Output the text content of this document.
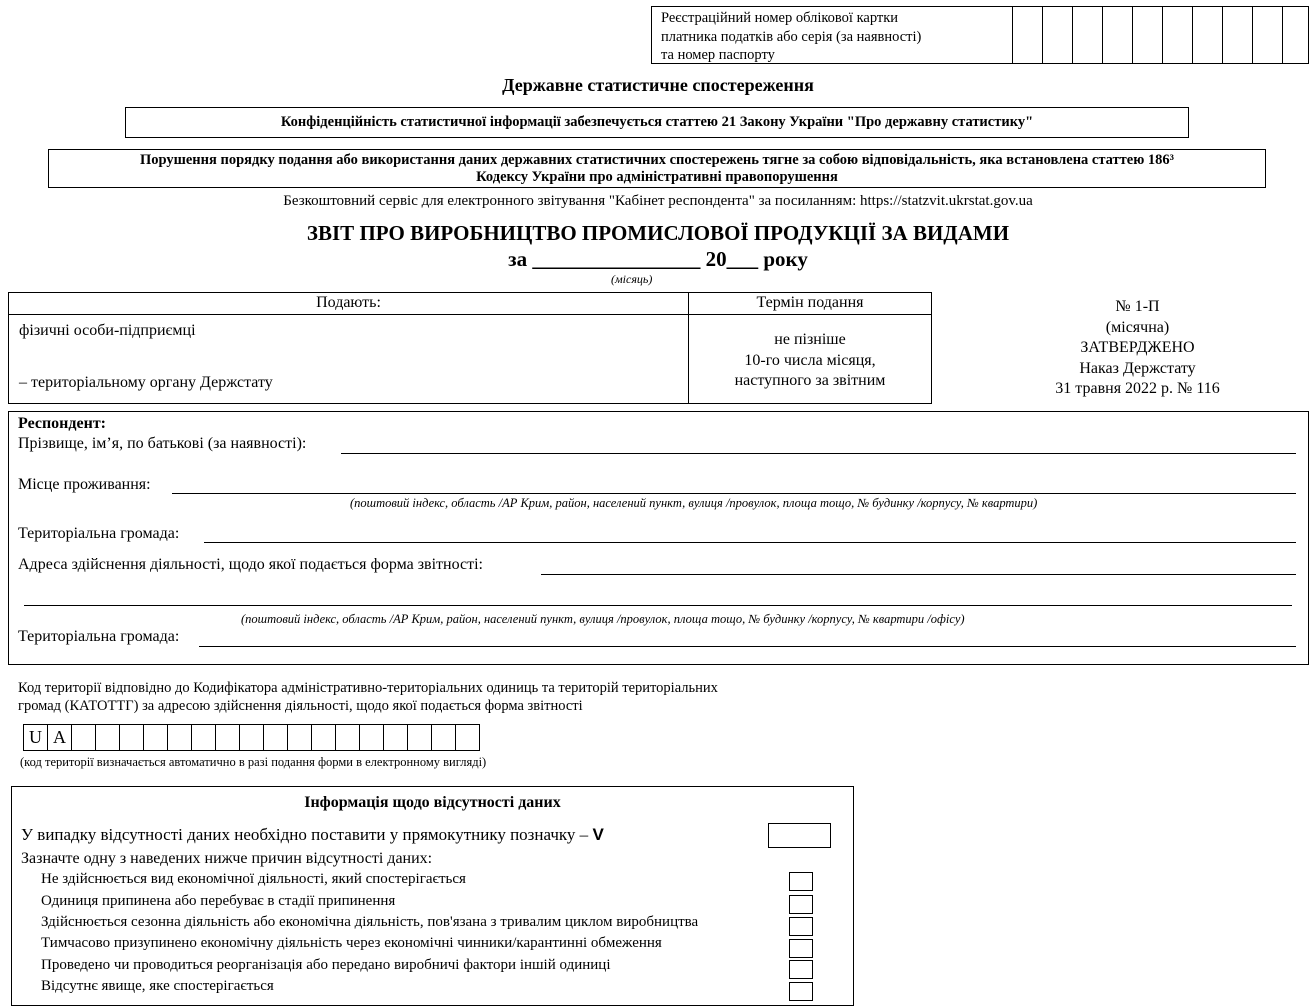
Реєстраційний номер облікової картки
платника податків або серія (за наявності)
та номер паспорту
Державне статистичне спостереження
Конфіденційність статистичної інформації забезпечується статтею 21 Закону України "Про державну статистику"
Порушення порядку подання або використання даних державних статистичних спостережень тягне за собою відповідальність, яка встановлена статтею 186³
Кодексу України про адміністративні правопорушення
Безкоштовний сервіс для електронного звітування "Кабінет респондента" за посиланням: https://statzvit.ukrstat.gov.ua
ЗВІТ ПРО ВИРОБНИЦТВО ПРОМИСЛОВОЇ ПРОДУКЦІЇ ЗА ВИДАМИ
за ________________ 20___ року
(місяць)
Подають:	Термін подання
фізичні особи-підприємці
– територіальному органу Держстату
не пізніше
10-го числа місяця,
наступного за звітним
№ 1-П
(місячна)
ЗАТВЕРДЖЕНО
Наказ Держстату
31 травня 2022 р. № 116
Респондент:
Прізвище, ім’я, по батькові (за наявності):
Місце проживання:
(поштовий індекс, область /АР Крим, район, населений пункт, вулиця /провулок, площа тощо, № будинку /корпусу, № квартири)
Територіальна громада:
Адреса здійснення діяльності, щодо якої подається форма звітності:
(поштовий індекс, область /АР Крим, район, населений пункт, вулиця /провулок, площа тощо, № будинку /корпусу, № квартири /офісу)
Територіальна громада:
Код території відповідно до Кодифікатора адміністративно-територіальних одиниць та територій територіальних
громад (КАТОТТГ) за адресою здійснення діяльності, щодо якої подається форма звітності
U A
(код території визначається автоматично в разі подання форми в електронному вигляді)
Інформація щодо відсутності даних
У випадку відсутності даних необхідно поставити у прямокутнику позначку – V
Зазначте одну з наведених нижче причин відсутності даних:
Не здійснюється вид економічної діяльності, який спостерігається
Одиниця припинена або перебуває в стадії припинення
Здійснюється сезонна діяльність або економічна діяльність, пов'язана з тривалим циклом виробництва
Тимчасово призупинено економічну діяльність через економічні чинники/карантинні обмеження
Проведено чи проводиться реорганізація або передано виробничі фактори іншій одиниці
Відсутнє явище, яке спостерігається
